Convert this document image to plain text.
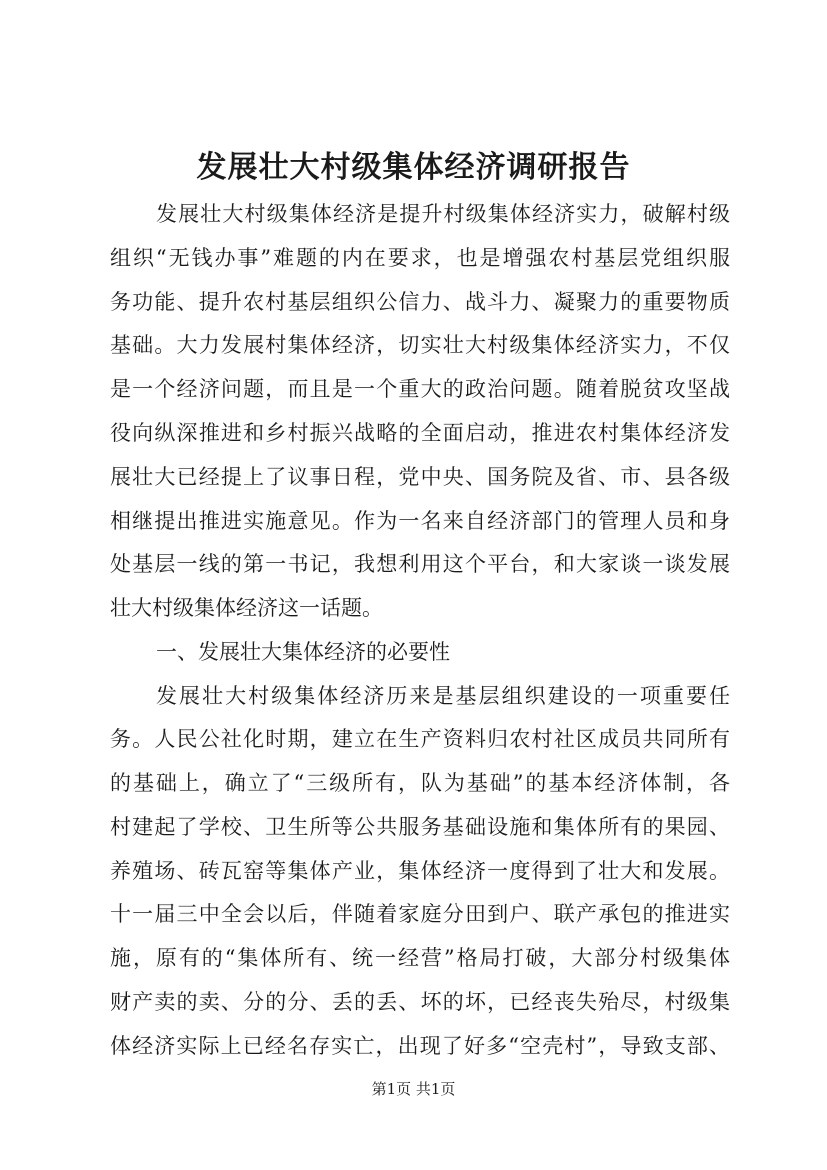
发展壮大村级集体经济调研报告
发展壮大村级集体经济是提升村级集体经济实力，破解村级
组织“无钱办事”难题的内在要求，也是增强农村基层党组织服
务功能、提升农村基层组织公信力、战斗力、凝聚力的重要物质
基础。大力发展村集体经济，切实壮大村级集体经济实力，不仅
是一个经济问题，而且是一个重大的政治问题。随着脱贫攻坚战
役向纵深推进和乡村振兴战略的全面启动，推进农村集体经济发
展壮大已经提上了议事日程，党中央、国务院及省、市、县各级
相继提出推进实施意见。作为一名来自经济部门的管理人员和身
处基层一线的第一书记，我想利用这个平台，和大家谈一谈发展
壮大村级集体经济这一话题。
一、发展壮大集体经济的必要性
发展壮大村级集体经济历来是基层组织建设的一项重要任
务。人民公社化时期，建立在生产资料归农村社区成员共同所有
的基础上，确立了“三级所有，队为基础”的基本经济体制，各
村建起了学校、卫生所等公共服务基础设施和集体所有的果园、
养殖场、砖瓦窑等集体产业，集体经济一度得到了壮大和发展。
十一届三中全会以后，伴随着家庭分田到户、联产承包的推进实
施，原有的“集体所有、统一经营”格局打破，大部分村级集体
财产卖的卖、分的分、丢的丢、坏的坏，已经丧失殆尽，村级集
体经济实际上已经名存实亡，出现了好多“空壳村”，导致支部、
第1页 共1页
